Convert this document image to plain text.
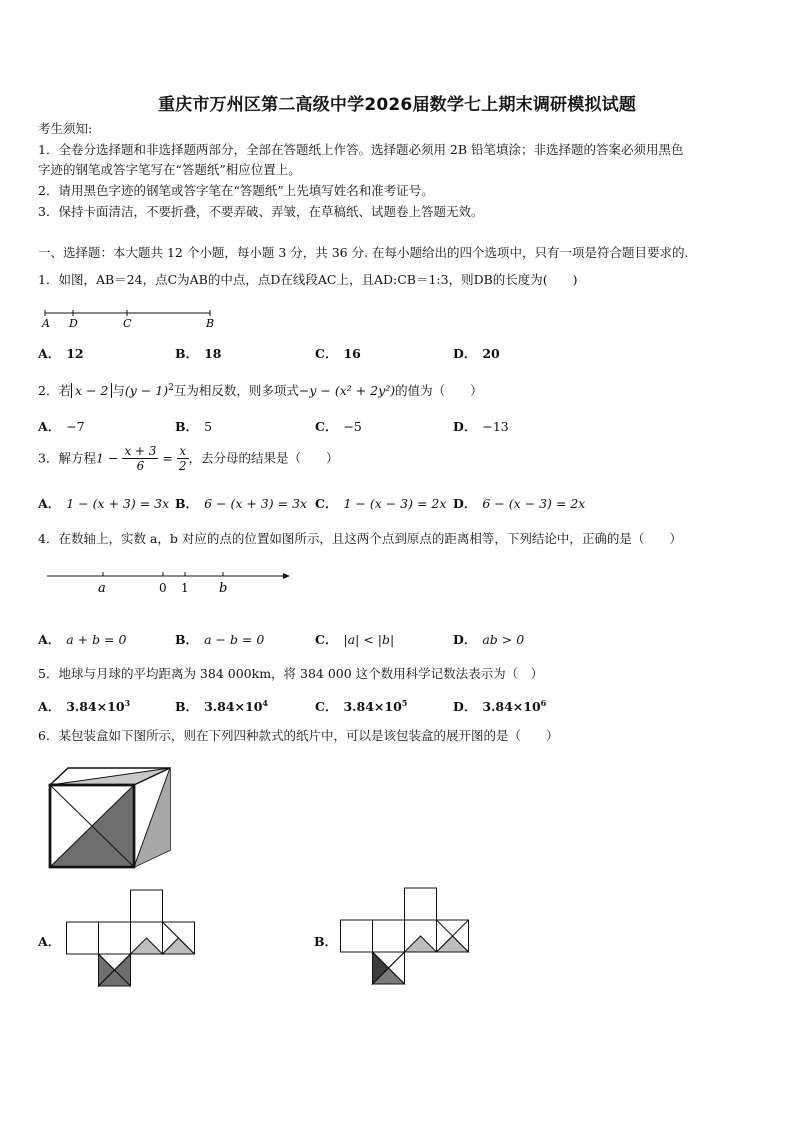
重庆市万州区第二高级中学2026届数学七上期末调研模拟试题
考生须知:
1．全卷分选择题和非选择题两部分，全部在答题纸上作答。选择题必须用 2B 铅笔填涂；非选择题的答案必须用黑色
字迹的钢笔或答字笔写在“答题纸”相应位置上。
2．请用黑色字迹的钢笔或答字笔在“答题纸”上先填写姓名和准考证号。
3．保持卡面清洁，不要折叠，不要弄破、弄皱，在草稿纸、试题卷上答题无效。
一、选择题：本大题共 12 个小题，每小题 3 分，共 36 分. 在每小题给出的四个选项中，只有一项是符合题目要求的.
1．如图，AB＝24，点C为AB的中点，点D在线段AC上，且AD:CB＝1:3，则DB的长度为(　　)
A D	C	B
A． 12	B． 18	C． 16	D． 20
2．若 x − 2 与$(y - 1)^2$互为相反数，则多项式−y − (x² + 2y²)的值为（　　）
A． −7	B． 5	C． −5	D． −13
3．解方程$1 - \frac{x + 3}{6} = \frac{x}{2}$ ，去分母的结果是（　　）
A． 1 − (x + 3) = 3x B． 6 − (x + 3) = 3x C． 1 − (x − 3) = 2x D． 6 − (x − 3) = 2x
4．在数轴上，实数 a，b 对应的点的位置如图所示，且这两个点到原点的距离相等，下列结论中，正确的是（　　）
a	0 1 b
A． a + b = 0	B． a − b = 0	C． |a| < |b|	D． ab > 0
5．地球与月球的平均距离为 384 000km，将 384 000 这个数用科学记数法表示为（　）
A． $3.84\times 10^3$	B． $3.84\times 10^4$	C． $3.84\times 10^5$	D． $3.84\times 10^6$
6．某包装盒如下图所示，则在下列四种款式的纸片中，可以是该包装盒的展开图的是（　　）
A．	B．
